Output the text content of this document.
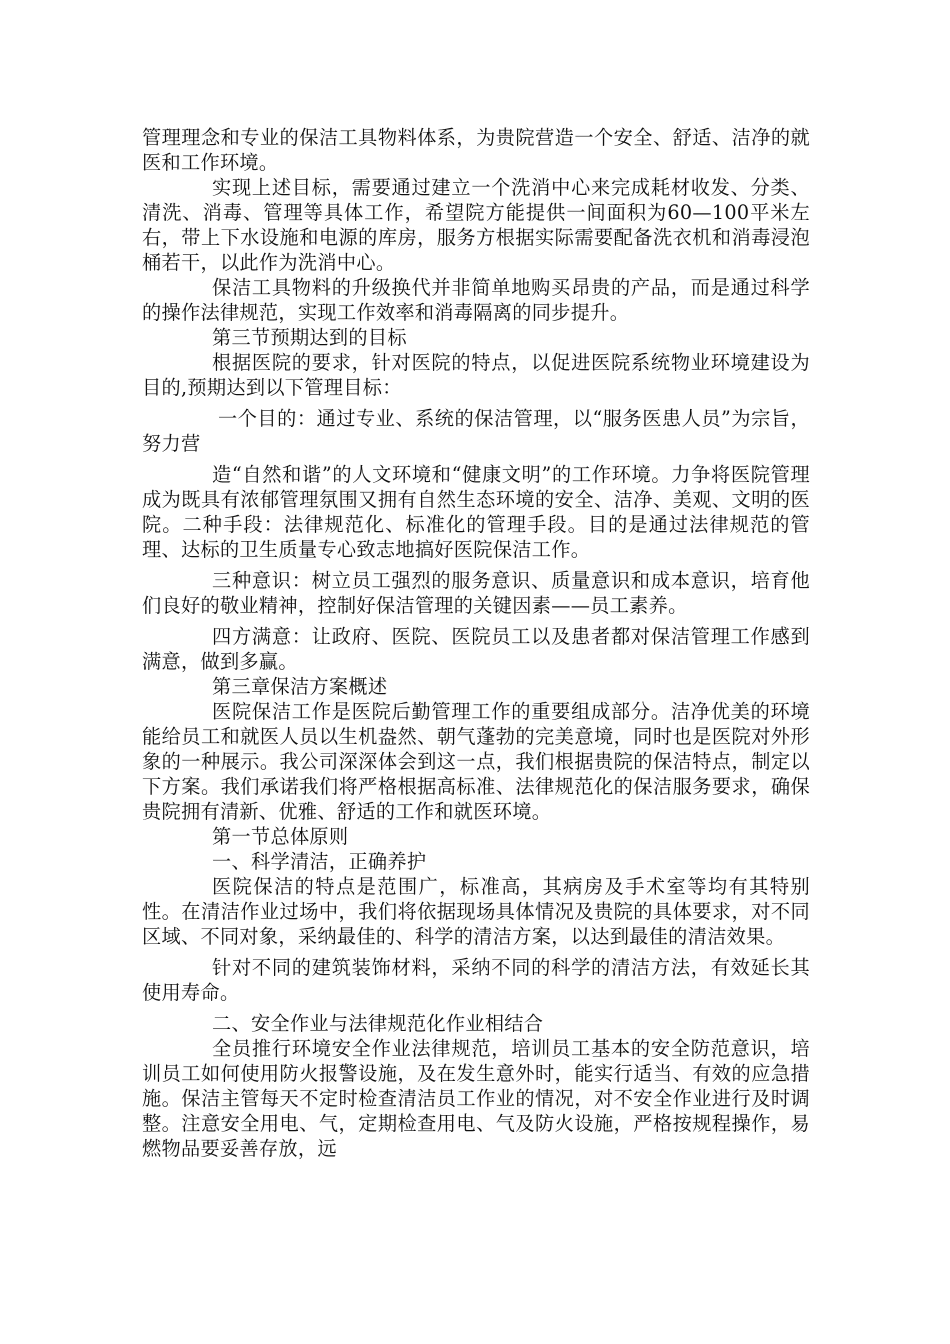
管理理念和专业的保洁工具物料体系，为贵院营造一个安全、舒适、洁净的就医和工作环境。

实现上述目标，需要通过建立一个洗消中心来完成耗材收发、分类、清洗、消毒、管理等具体工作，希望院方能提供一间面积为60—100平米左右，带上下水设施和电源的库房，服务方根据实际需要配备洗衣机和消毒浸泡桶若干，以此作为洗消中心。

保洁工具物料的升级换代并非简单地购买昂贵的产品，而是通过科学的操作法律规范，实现工作效率和消毒隔离的同步提升。

第三节预期达到的目标

根据医院的要求，针对医院的特点，以促进医院系统物业环境建设为目的,预期达到以下管理目标：

一个目的：通过专业、系统的保洁管理，以“服务医患人员”为宗旨，努力营

造“自然和谐”的人文环境和“健康文明”的工作环境。力争将医院管理成为既具有浓郁管理氛围又拥有自然生态环境的安全、洁净、美观、文明的医院。二种手段：法律规范化、标准化的管理手段。目的是通过法律规范的管理、达标的卫生质量专心致志地搞好医院保洁工作。

三种意识：树立员工强烈的服务意识、质量意识和成本意识，培育他们良好的敬业精神，控制好保洁管理的关键因素——员工素养。

四方满意：让政府、医院、医院员工以及患者都对保洁管理工作感到满意，做到多赢。

第三章保洁方案概述

医院保洁工作是医院后勤管理工作的重要组成部分。洁净优美的环境能给员工和就医人员以生机盎然、朝气蓬勃的完美意境，同时也是医院对外形象的一种展示。我公司深深体会到这一点，我们根据贵院的保洁特点，制定以下方案。我们承诺我们将严格根据高标准、法律规范化的保洁服务要求，确保贵院拥有清新、优雅、舒适的工作和就医环境。

第一节总体原则

一、科学清洁，正确养护

医院保洁的特点是范围广，标准高，其病房及手术室等均有其特别性。在清洁作业过场中，我们将依据现场具体情况及贵院的具体要求，对不同区域、不同对象，采纳最佳的、科学的清洁方案，以达到最佳的清洁效果。

针对不同的建筑装饰材料，采纳不同的科学的清洁方法，有效延长其使用寿命。

二、安全作业与法律规范化作业相结合

全员推行环境安全作业法律规范，培训员工基本的安全防范意识，培训员工如何使用防火报警设施，及在发生意外时，能实行适当、有效的应急措施。保洁主管每天不定时检查清洁员工作业的情况，对不安全作业进行及时调整。注意安全用电、气，定期检查用电、气及防火设施，严格按规程操作，易燃物品要妥善存放，远
